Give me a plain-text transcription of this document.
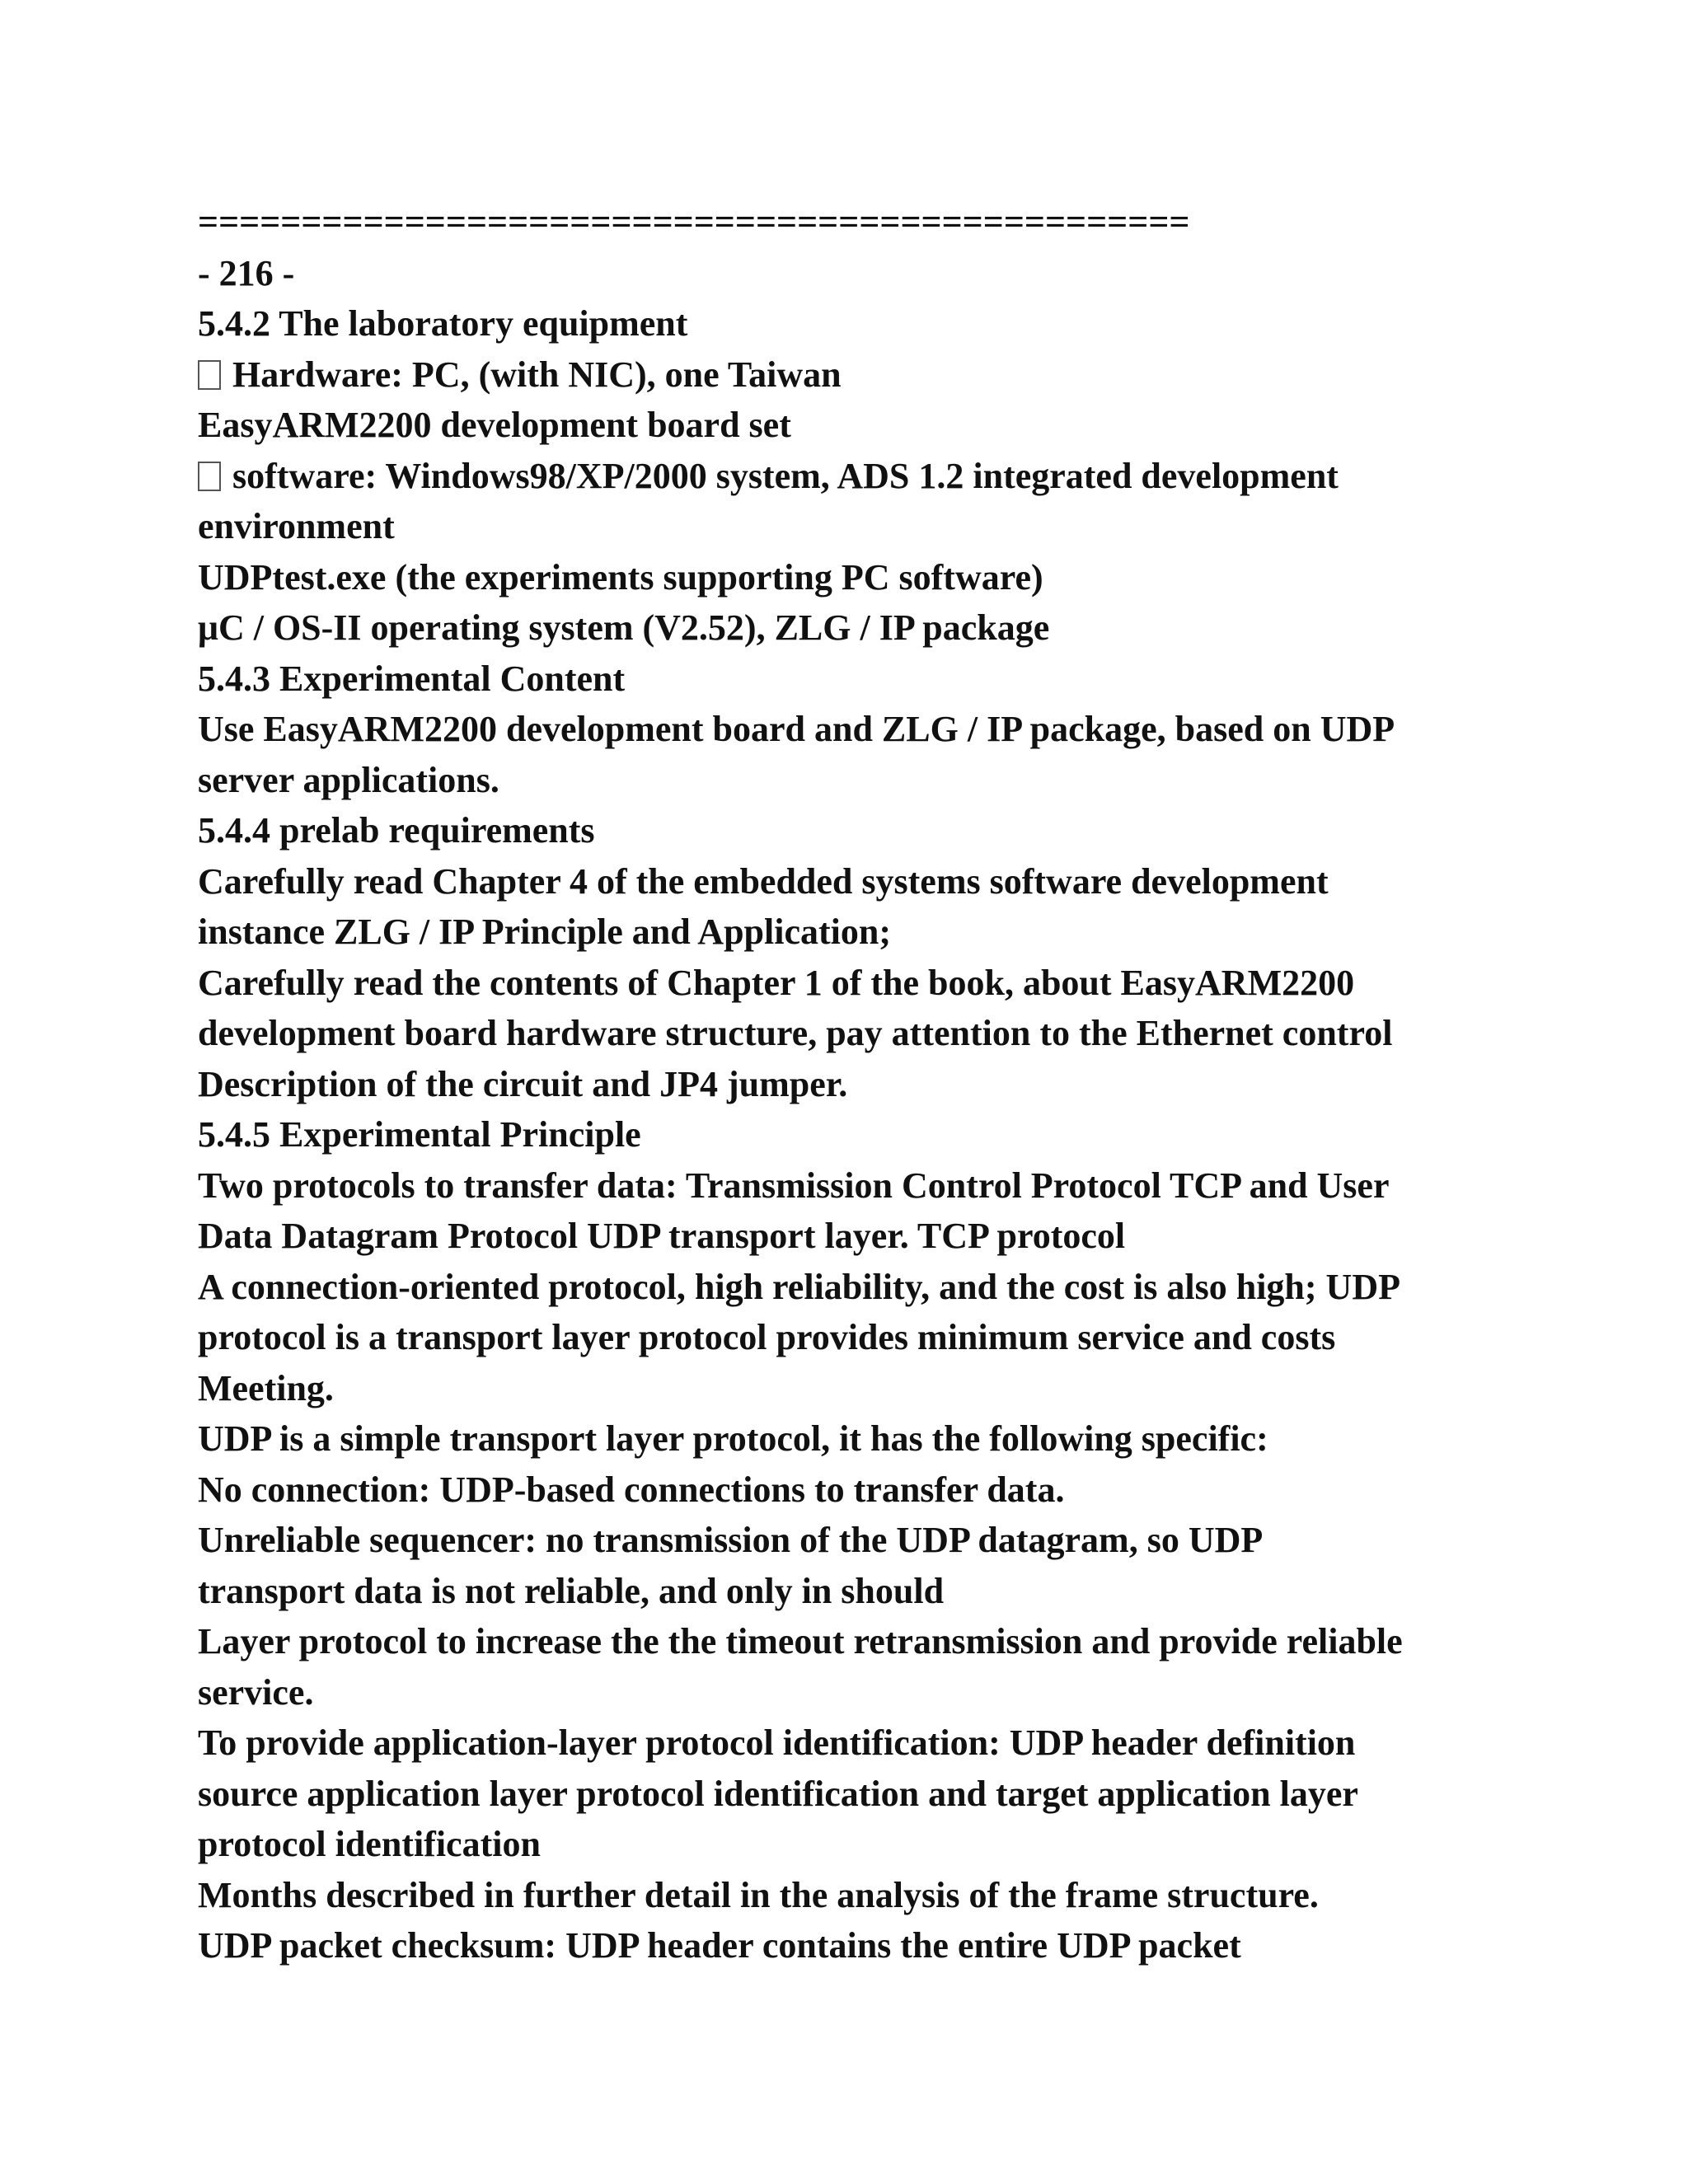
================================================
- 216 -
5.4.2 The laboratory equipment
Hardware: PC, (with NIC), one Taiwan
EasyARM2200 development board set
software: Windows98/XP/2000 system, ADS 1.2 integrated development
environment
UDPtest.exe (the experiments supporting PC software)
μC / OS-II operating system (V2.52), ZLG / IP package
5.4.3 Experimental Content
Use EasyARM2200 development board and ZLG / IP package, based on UDP
server applications.
5.4.4 prelab requirements
Carefully read Chapter 4 of the embedded systems software development
instance ZLG / IP Principle and Application;
Carefully read the contents of Chapter 1 of the book, about EasyARM2200
development board hardware structure, pay attention to the Ethernet control
Description of the circuit and JP4 jumper.
5.4.5 Experimental Principle
Two protocols to transfer data: Transmission Control Protocol TCP and User
Data Datagram Protocol UDP transport layer. TCP protocol
A connection-oriented protocol, high reliability, and the cost is also high; UDP
protocol is a transport layer protocol provides minimum service and costs
Meeting.
UDP is a simple transport layer protocol, it has the following specific:
No connection: UDP-based connections to transfer data.
Unreliable sequencer: no transmission of the UDP datagram, so UDP
transport data is not reliable, and only in should
Layer protocol to increase the the timeout retransmission and provide reliable
service.
To provide application-layer protocol identification: UDP header definition
source application layer protocol identification and target application layer
protocol identification
Months described in further detail in the analysis of the frame structure.
UDP packet checksum: UDP header contains the entire UDP packet
